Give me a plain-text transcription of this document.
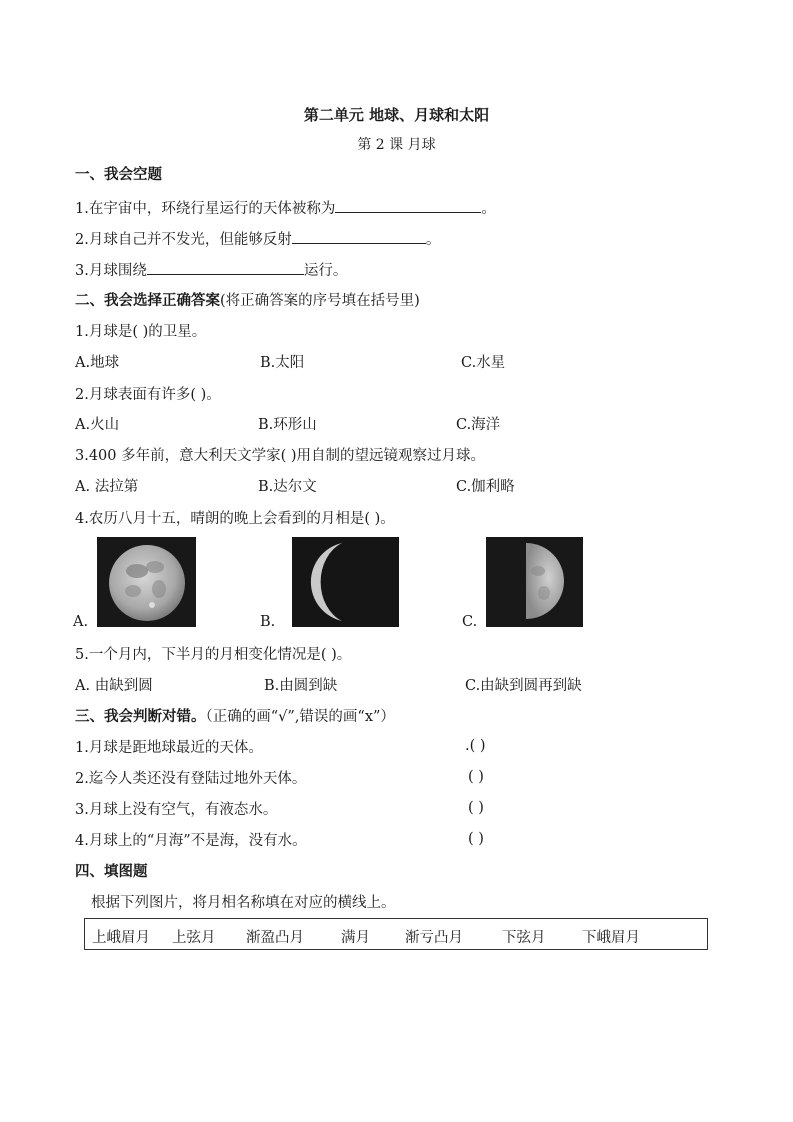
第二单元 地球、月球和太阳
第 2 课 月球
一、我会空题
1.在宇宙中，环绕行星运行的天体被称为	。
2.月球自己并不发光，但能够反射	。
3.月球围绕	运行。
二、我会选择正确答案(将正确答案的序号填在括号里)
1.月球是( )的卫星。
A.地球	B.太阳	C.水星
2.月球表面有许多( )。
A.火山	B.环形山	C.海洋
3.400 多年前，意大利天文学家( )用自制的望远镜观察过月球。
A. 法拉第	B.达尔文	C.伽利略
4.农历八月十五，晴朗的晚上会看到的月相是( )。
A.	B.	C.
5.一个月内，下半月的月相变化情况是( )。
A. 由缺到圆	B.由圆到缺	C.由缺到圆再到缺
三、我会判断对错。（正确的画“√”,错误的画“x”）
1.月球是距地球最近的天体。	.( )
2.迄今人类还没有登陆过地外天体。	( )
3.月球上没有空气，有液态水。	( )
4.月球上的“月海”不是海，没有水。	( )
四、填图题
根据下列图片，将月相名称填在对应的横线上。
上峨眉月 上弦月 渐盈凸月	满月 渐亏凸月	下弦月	下峨眉月
